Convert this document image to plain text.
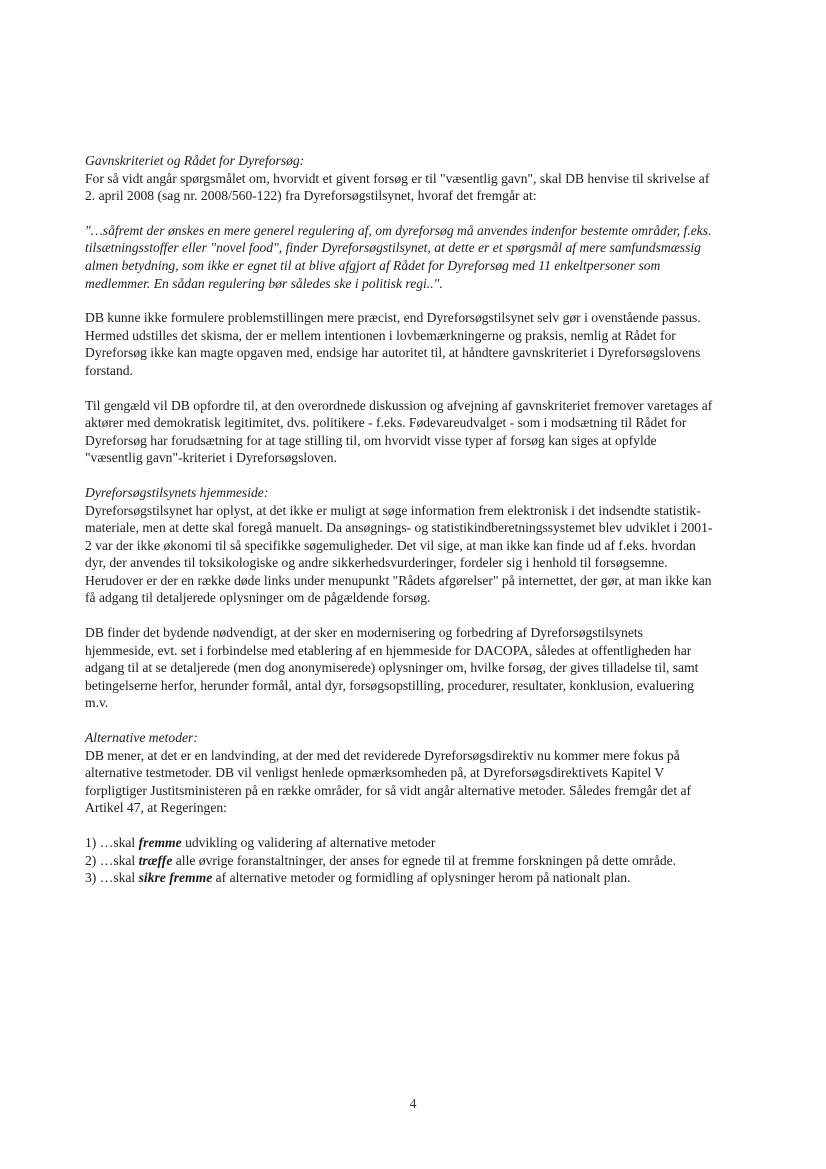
Gavnskriteriet og Rådet for Dyreforsøg:

For så vidt angår spørgsmålet om, hvorvidt et givent forsøg er til "væsentlig gavn", skal DB henvise til skrivelse af 2. april 2008 (sag nr. 2008/560-122) fra Dyreforsøgstilsynet, hvoraf det fremgår at:

"…såfremt der ønskes en mere generel regulering af, om dyreforsøg må anvendes indenfor bestemte områder, f.eks. tilsætningsstoffer eller "novel food", finder Dyreforsøgstilsynet, at dette er et spørgsmål af mere samfundsmæssig almen betydning, som ikke er egnet til at blive afgjort af Rådet for Dyreforsøg med 11 enkeltpersoner som medlemmer. En sådan regulering bør således ske i politisk regi..".

DB kunne ikke formulere problemstillingen mere præcist, end Dyreforsøgstilsynet selv gør i ovenstående passus. Hermed udstilles det skisma, der er mellem intentionen i lovbemærkningerne og praksis, nemlig at Rådet for Dyreforsøg ikke kan magte opgaven med, endsige har autoritet til, at håndtere gavnskriteriet i Dyreforsøgslovens forstand.

Til gengæld vil DB opfordre til, at den overordnede diskussion og afvejning af gavnskriteriet fremover varetages af aktører med demokratisk legitimitet, dvs. politikere - f.eks. Fødevareudvalget - som i modsætning til Rådet for Dyreforsøg har forudsætning for at tage stilling til, om hvorvidt visse typer af forsøg kan siges at opfylde "væsentlig gavn"-kriteriet i Dyreforsøgsloven.

Dyreforsøgstilsynets hjemmeside:

Dyreforsøgstilsynet har oplyst, at det ikke er muligt at søge information frem elektronisk i det indsendte statistik-materiale, men at dette skal foregå manuelt. Da ansøgnings- og statistikindberetningssystemet blev udviklet i 2001-2 var der ikke økonomi til så specifikke søgemuligheder. Det vil sige, at man ikke kan finde ud af f.eks. hvordan dyr, der anvendes til toksikologiske og andre sikkerhedsvurderinger, fordeler sig i henhold til forsøgsemne. Herudover er der en række døde links under menupunkt "Rådets afgørelser" på internettet, der gør, at man ikke kan få adgang til detaljerede oplysninger om de pågældende forsøg.

DB finder det bydende nødvendigt, at der sker en modernisering og forbedring af Dyreforsøgstilsynets hjemmeside, evt. set i forbindelse med etablering af en hjemmeside for DACOPA, således at offentligheden har adgang til at se detaljerede (men dog anonymiserede) oplysninger om, hvilke forsøg, der gives tilladelse til, samt betingelserne herfor, herunder formål, antal dyr, forsøgsopstilling, procedurer, resultater, konklusion, evaluering m.v.

Alternative metoder:

DB mener, at det er en landvinding, at der med det reviderede Dyreforsøgsdirektiv nu kommer mere fokus på alternative testmetoder. DB vil venligst henlede opmærksomheden på, at Dyreforsøgsdirektivets Kapitel V forpligtiger Justitsministeren på en række områder, for så vidt angår alternative metoder. Således fremgår det af Artikel 47, at Regeringen:

1) …skal fremme udvikling og validering af alternative metoder

2) …skal træffe alle øvrige foranstaltninger, der anses for egnede til at fremme forskningen på dette område.

3) …skal sikre fremme af alternative metoder og formidling af oplysninger herom på nationalt plan.

4
